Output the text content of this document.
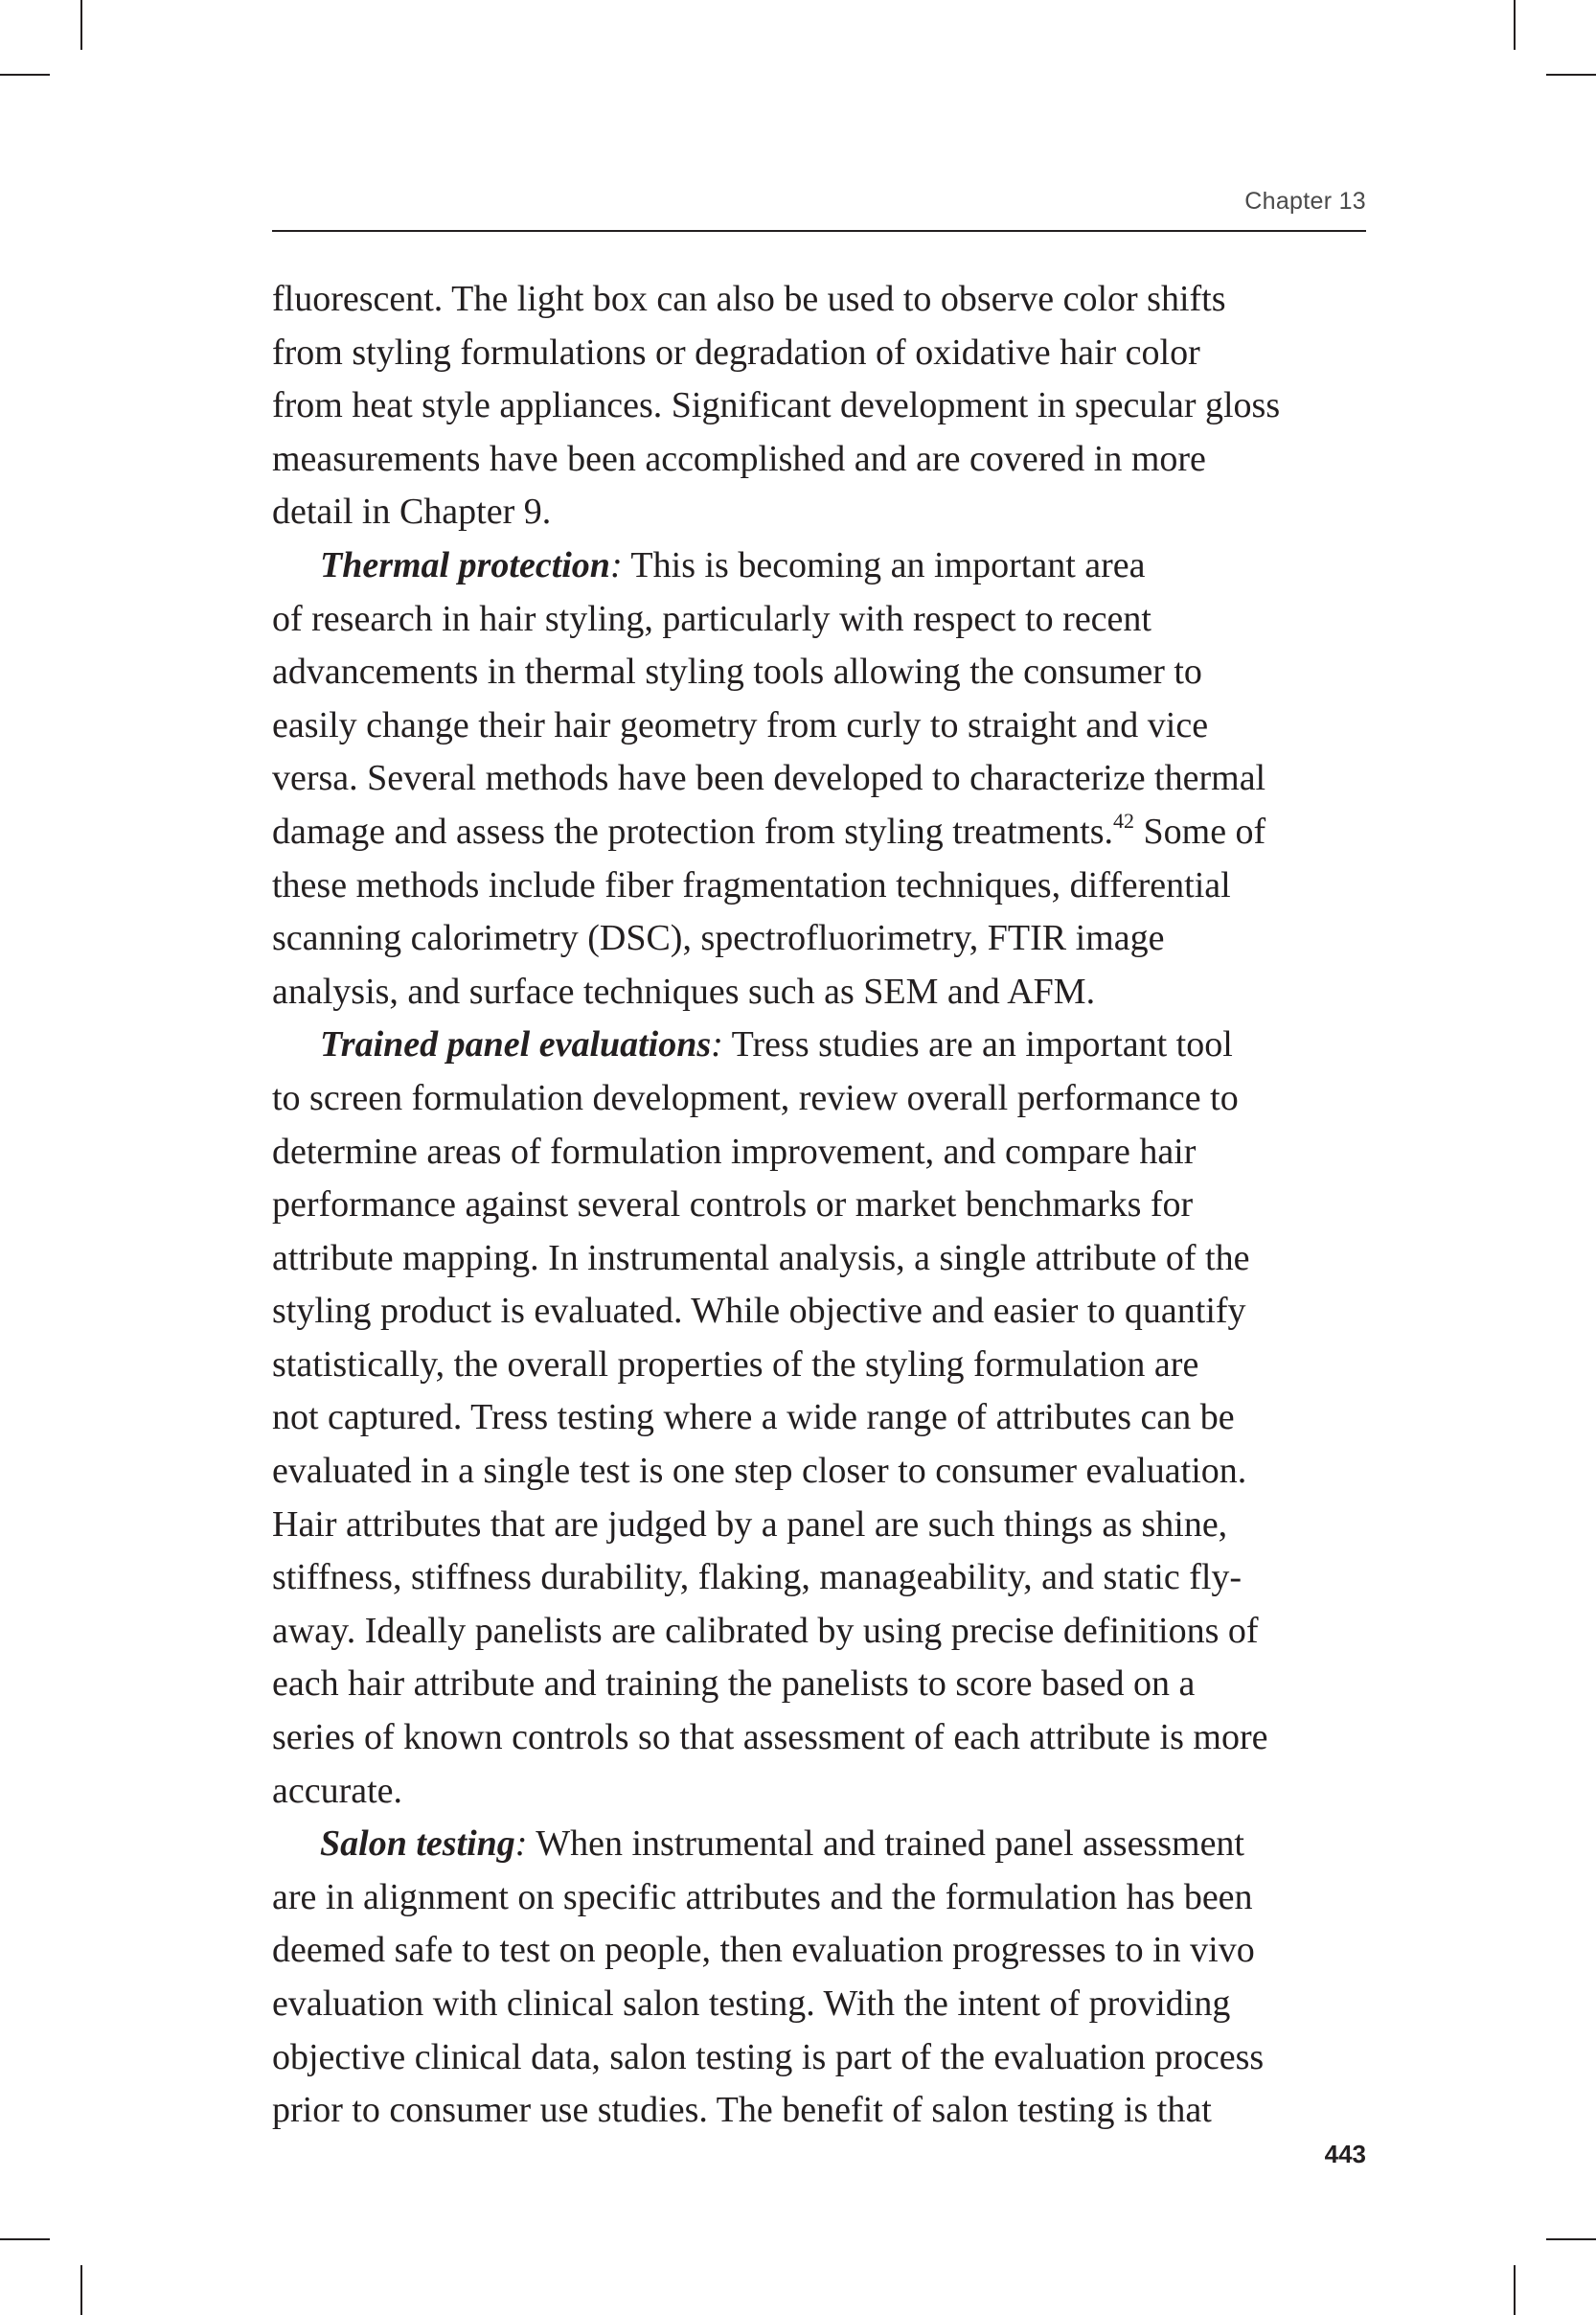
Chapter 13
fluorescent. The light box can also be used to observe color shifts
from styling formulations or degradation of oxidative hair color
from heat style appliances. Significant development in specular gloss
measurements have been accomplished and are covered in more
detail in Chapter 9.
Thermal protection: This is becoming an important area
of research in hair styling, particularly with respect to recent
advancements in thermal styling tools allowing the consumer to
easily change their hair geometry from curly to straight and vice
versa. Several methods have been developed to characterize thermal
damage and assess the protection from styling treatments.$^{42}$ Some of
these methods include fiber fragmentation techniques, differential
scanning calorimetry (DSC), spectrofluorimetry, FTIR image
analysis, and surface techniques such as SEM and AFM.
Trained panel evaluations: Tress studies are an important tool
to screen formulation development, review overall performance to
determine areas of formulation improvement, and compare hair
performance against several controls or market benchmarks for
attribute mapping. In instrumental analysis, a single attribute of the
styling product is evaluated. While objective and easier to quantify
statistically, the overall properties of the styling formulation are
not captured. Tress testing where a wide range of attributes can be
evaluated in a single test is one step closer to consumer evaluation.
Hair attributes that are judged by a panel are such things as shine,
stiffness, stiffness durability, flaking, manageability, and static fly-
away. Ideally panelists are calibrated by using precise definitions of
each hair attribute and training the panelists to score based on a
series of known controls so that assessment of each attribute is more
accurate.
Salon testing: When instrumental and trained panel assessment
are in alignment on specific attributes and the formulation has been
deemed safe to test on people, then evaluation progresses to in vivo
evaluation with clinical salon testing. With the intent of providing
objective clinical data, salon testing is part of the evaluation process
prior to consumer use studies. The benefit of salon testing is that
443
